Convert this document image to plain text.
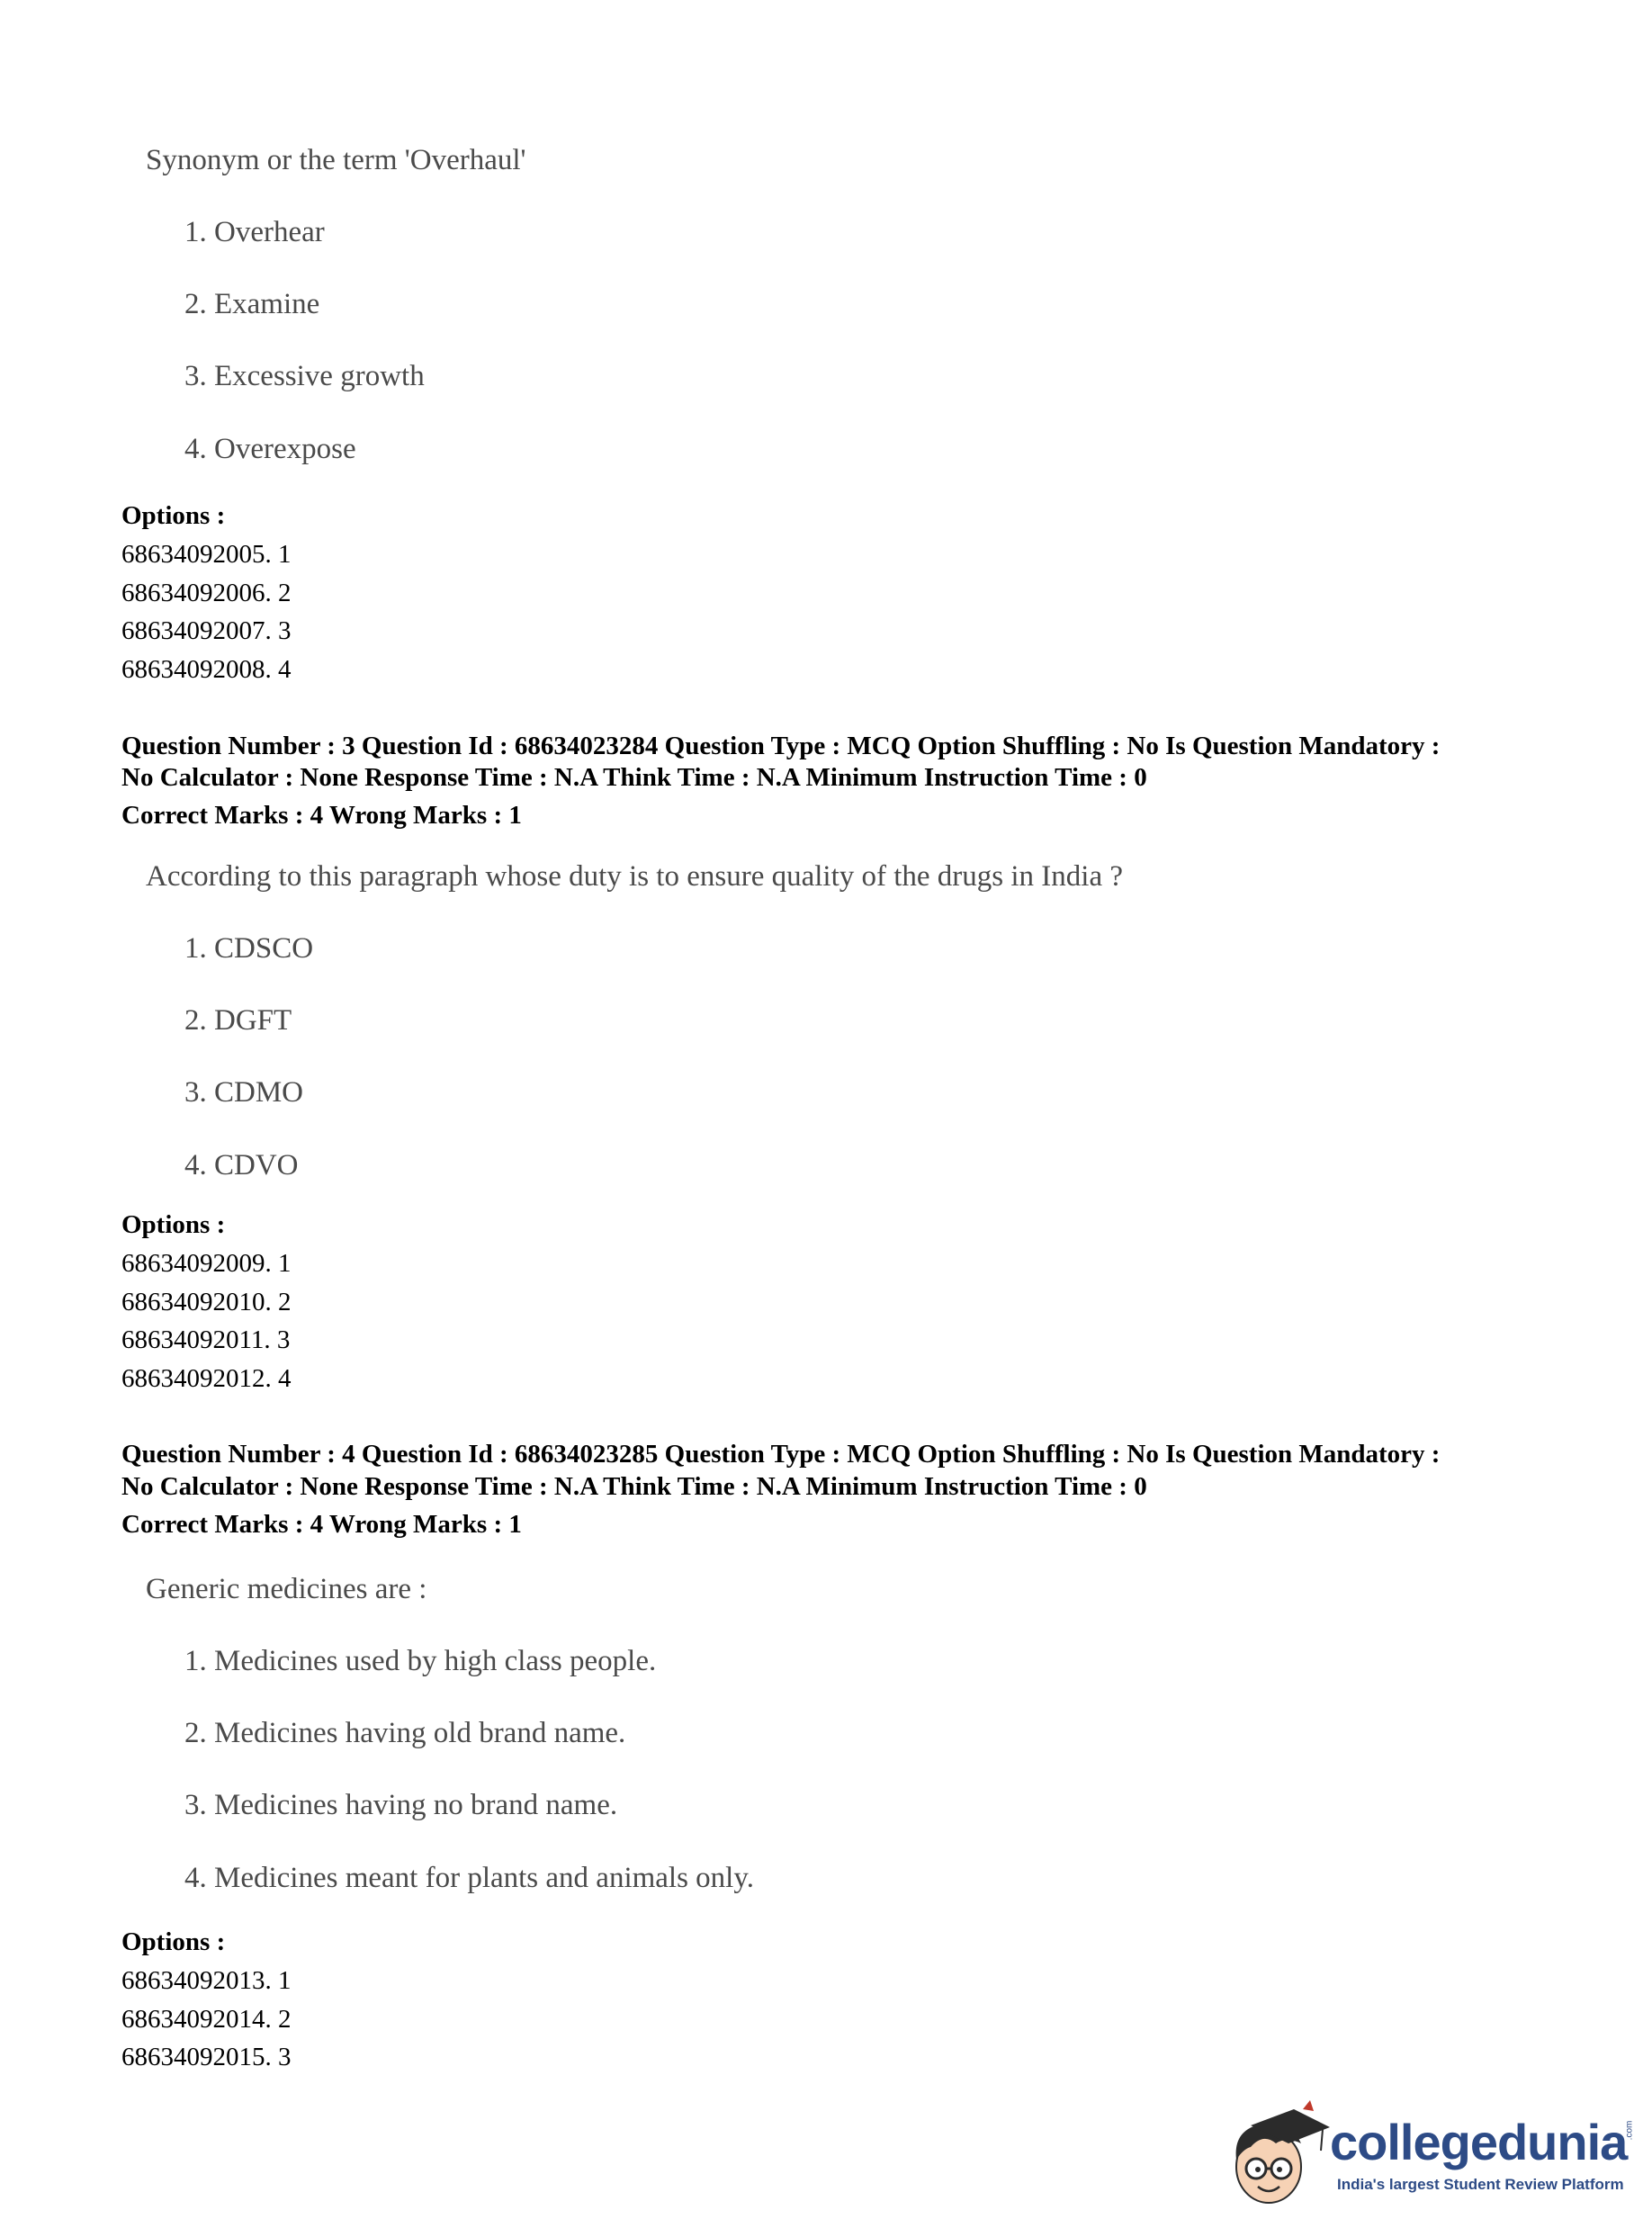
Synonym or the term 'Overhaul'
1. Overhear
2. Examine
3. Excessive growth
4. Overexpose
Options :
68634092005. 1
68634092006. 2
68634092007. 3
68634092008. 4
Question Number : 3 Question Id : 68634023284 Question Type : MCQ Option Shuffling : No Is Question Mandatory :
No Calculator : None Response Time : N.A Think Time : N.A Minimum Instruction Time : 0
Correct Marks : 4 Wrong Marks : 1
According to this paragraph whose duty is to ensure quality of the drugs in India ?
1. CDSCO
2. DGFT
3. CDMO
4. CDVO
Options :
68634092009. 1
68634092010. 2
68634092011. 3
68634092012. 4
Question Number : 4 Question Id : 68634023285 Question Type : MCQ Option Shuffling : No Is Question Mandatory :
No Calculator : None Response Time : N.A Think Time : N.A Minimum Instruction Time : 0
Correct Marks : 4 Wrong Marks : 1
Generic medicines are :
1. Medicines used by high class people.
2. Medicines having old brand name.
3. Medicines having no brand name.
4. Medicines meant for plants and animals only.
Options :
68634092013. 1
68634092014. 2
68634092015. 3
collegedunia
.com
India's largest Student Review Platform
